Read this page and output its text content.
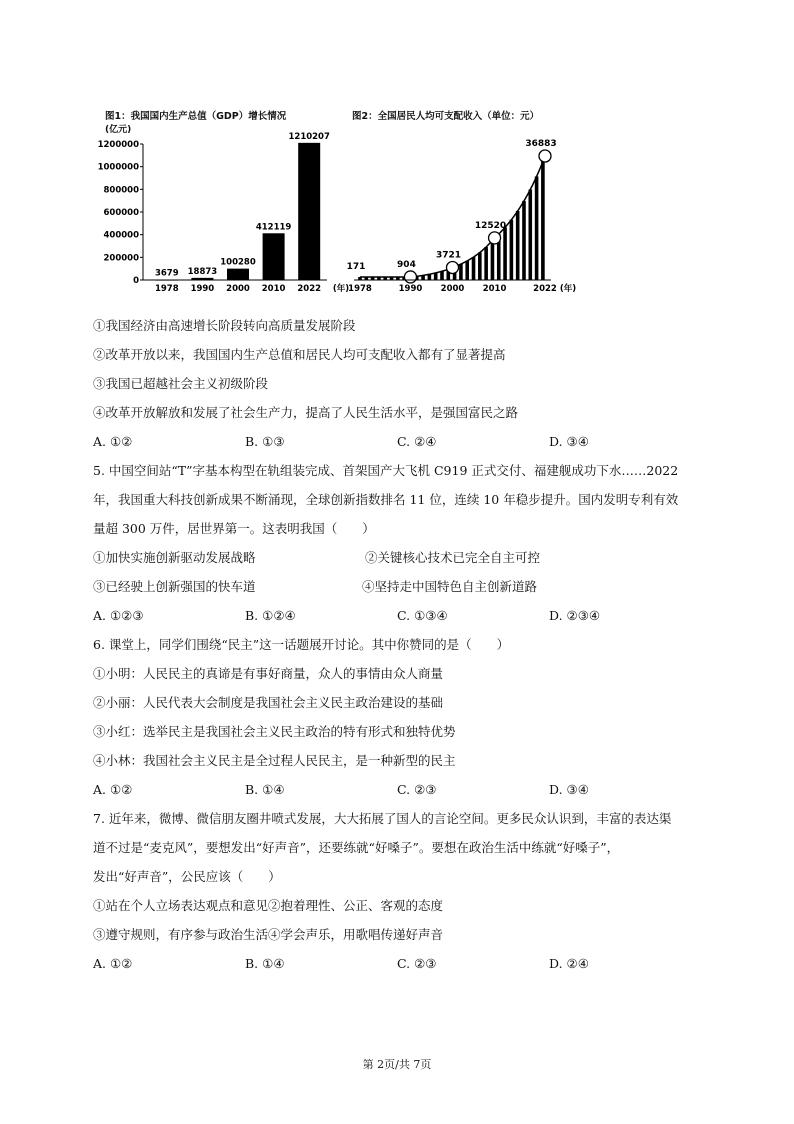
图1：我国国内生产总值（GDP）增长情况
(亿元)
图2：全国居民人均可支配收入（单位：元）
1200000
1000000
800000
600000
400000
200000
0
3679
1978
18873
1990
100280
2000
412119
2010
1210207
2022 (年)
171	904
3721
12520
36883
1978	1990 2000 2010	2022 (年)
①我国经济由高速增长阶段转向高质量发展阶段
②改革开放以来，我国国内生产总值和居民人均可支配收入都有了显著提高
③我国已超越社会主义初级阶段
④改革开放解放和发展了社会生产力，提高了人民生活水平，是强国富民之路
A. ①②	B. ①③	C. ②④	D. ③④
5. 中国空间站“T”字基本构型在轨组装完成、首架国产大飞机 C919 正式交付、福建舰成功下水……2022
年，我国重大科技创新成果不断涌现，全球创新指数排名 11 位，连续 10 年稳步提升。国内发明专利有效
量超 300 万件，居世界第一。这表明我国（　　）
①加快实施创新驱动发展战略	②关键核心技术已完全自主可控
③已经驶上创新强国的快车道	④坚持走中国特色自主创新道路
A. ①②③	B. ①②④	C. ①③④	D. ②③④
6. 课堂上，同学们围绕“民主”这一话题展开讨论。其中你赞同的是（　　）
①小明：人民民主的真谛是有事好商量，众人的事情由众人商量
②小丽：人民代表大会制度是我国社会主义民主政治建设的基础
③小红：选举民主是我国社会主义民主政治的特有形式和独特优势
④小林：我国社会主义民主是全过程人民民主，是一种新型的民主
A. ①②	B. ①④	C. ②③	D. ③④
7. 近年来，微博、微信朋友圈井喷式发展，大大拓展了国人的言论空间。更多民众认识到，丰富的表达渠
道不过是“麦克风”，要想发出“好声音”，还要练就“好嗓子”。要想在政治生活中练就“好嗓子”，
发出“好声音”，公民应该（　　）
①站在个人立场表达观点和意见②抱着理性、公正、客观的态度
③遵守规则，有序参与政治生活④学会声乐，用歌唱传递好声音
A. ①②	B. ①④	C. ②③	D. ②④
第 2页/共 7页
